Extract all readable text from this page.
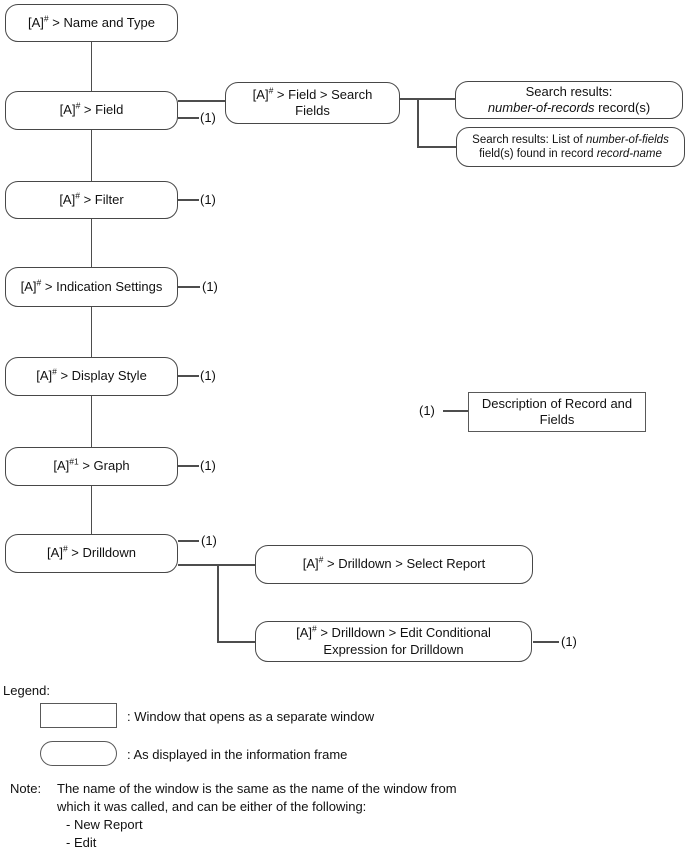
[A]# > Name and Type
[A]# > Field
[A]# > Field > Search Fields
Search results:
number-of-records record(s)
Search results: List of number-of-fields
field(s) found in record record-name
[A]# > Filter
[A]# > Indication Settings
[A]# > Display Style
$[A]^{\#1}$ > Graph
[A]# > Drilldown
[A]# > Drilldown > Select Report
[A]# > Drilldown > Edit Conditional Expression for Drilldown
Description of Record and Fields
(1)
(1)
(1)
(1)
(1)
(1)
(1)
(1)
Legend:
: Window that opens as a separate window
: As displayed in the information frame
Note: The name of the window is the same as the name of the window from
which it was called, and can be either of the following:
- New Report
- Edit
